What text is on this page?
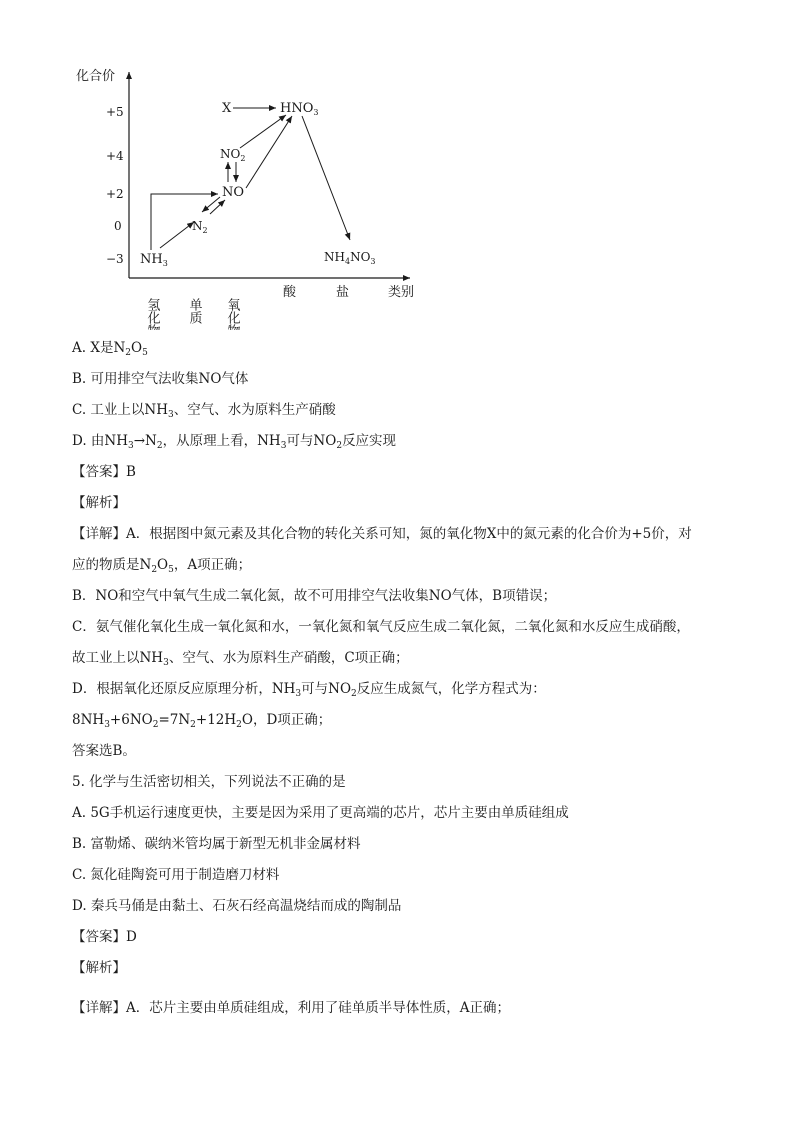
化合价
+5
+4
+2
0
−3
氢化物 单质 氧化物
酸	盐	类别
X	$HNO_3$
$NO_2$
NO
$N_2$
$NH_3$	$NH_4NO_3$
A. X是$N_2O_5$
B. 可用排空气法收集NO气体
C. 工业上以$NH_3$、空气、水为原料生产硝酸
D. 由$NH_3\to N_2$，从原理上看，$NH_3$可与$NO_2$反应实现
【答案】B
【解析】
【详解】A．根据图中氮元素及其化合物的转化关系可知，氮的氧化物X中的氮元素的化合价为+5价，对
应的物质是$N_2O_5$，A项正确；
B．NO和空气中氧气生成二氧化氮，故不可用排空气法收集NO气体，B项错误；
C．氨气催化氧化生成一氧化氮和水，一氧化氮和氧气反应生成二氧化氮，二氧化氮和水反应生成硝酸，
故工业上以$NH_3$、空气、水为原料生产硝酸，C项正确；
D．根据氧化还原反应原理分析，$NH_3$可与$NO_2$反应生成氮气，化学方程式为：
$8NH_3+6NO_2=7N_2+12H_2O$，D项正确；
答案选B。
5. 化学与生活密切相关，下列说法不正确的是
A. 5G手机运行速度更快，主要是因为采用了更高端的芯片，芯片主要由单质硅组成
B. 富勒烯、碳纳米管均属于新型无机非金属材料
C. 氮化硅陶瓷可用于制造磨刀材料
D. 秦兵马俑是由黏土、石灰石经高温烧结而成的陶制品
【答案】D
【解析】
【详解】A．芯片主要由单质硅组成，利用了硅单质半导体性质，A正确；
